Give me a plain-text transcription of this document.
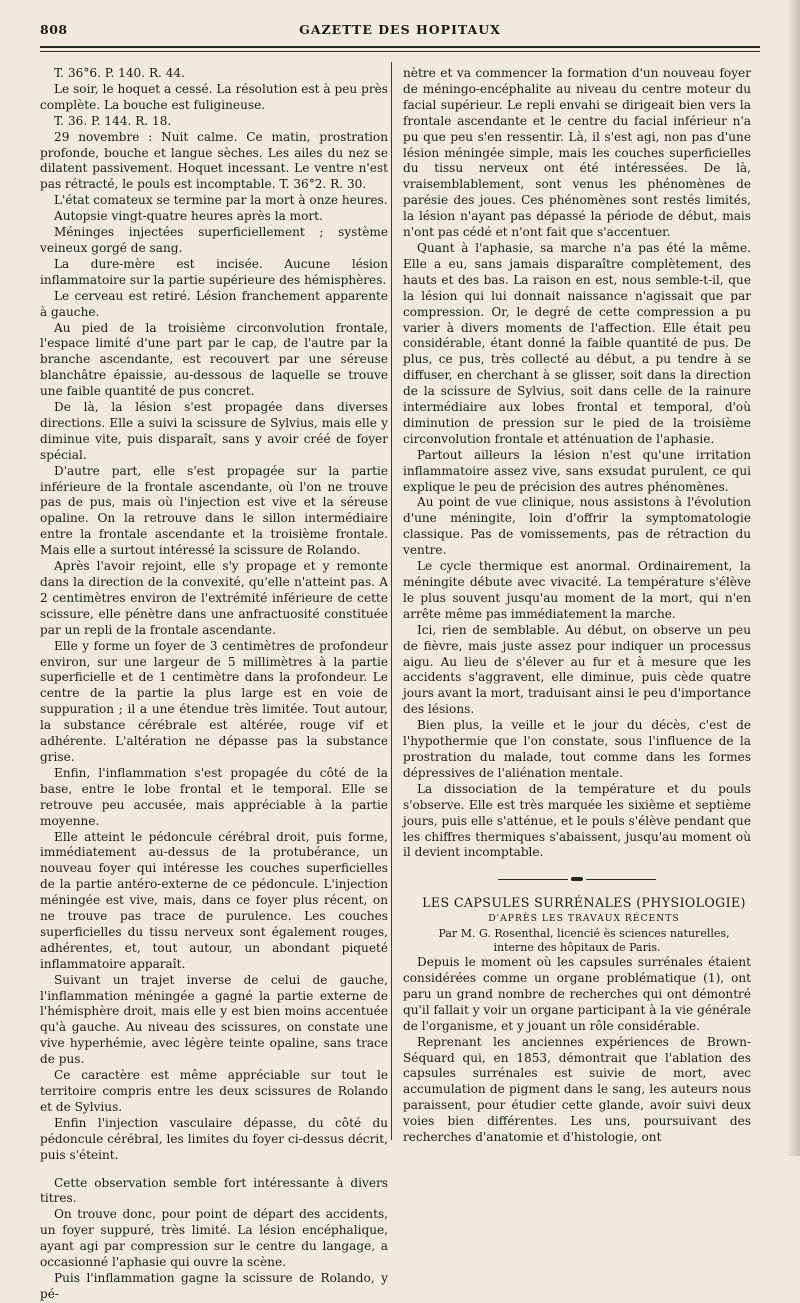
808	GAZETTE DES HOPITAUX

T. 36°6. P. 140. R. 44.

Le soir, le hoquet a cessé. La résolution est à peu près complète. La bouche est fuligineuse.

T. 36. P. 144. R. 18.

29 novembre : Nuit calme. Ce matin, prostration profonde, bouche et langue sèches. Les ailes du nez se dilatent passivement. Hoquet incessant. Le ventre n'est pas rétracté, le pouls est incomptable. T. 36°2. R. 30.

L'état comateux se termine par la mort à onze heures.

Autopsie vingt-quatre heures après la mort.

Méninges injectées superficiellement ; système veineux gorgé de sang.

La dure-mère est incisée. Aucune lésion inflammatoire sur la partie supérieure des hémisphères.

Le cerveau est retiré. Lésion franchement apparente à gauche.

Au pied de la troisième circonvolution frontale, l'espace limité d'une part par le cap, de l'autre par la branche ascendante, est recouvert par une séreuse blanchâtre épaissie, au-dessous de laquelle se trouve une faible quantité de pus concret.

De là, la lésion s'est propagée dans diverses directions. Elle a suivi la scissure de Sylvius, mais elle y diminue vite, puis disparaît, sans y avoir créé de foyer spécial.

D'autre part, elle s'est propagée sur la partie inférieure de la frontale ascendante, où l'on ne trouve pas de pus, mais où l'injection est vive et la séreuse opaline. On la retrouve dans le sillon intermédiaire entre la frontale ascendante et la troisième frontale. Mais elle a surtout intéressé la scissure de Rolando.

Après l'avoir rejoint, elle s'y propage et y remonte dans la direction de la convexité, qu'elle n'atteint pas. A 2 centimètres environ de l'extrémité inférieure de cette scissure, elle pénètre dans une anfractuosité constituée par un repli de la frontale ascendante.

Elle y forme un foyer de 3 centimètres de profondeur environ, sur une largeur de 5 millimètres à la partie superficielle et de 1 centimètre dans la profondeur. Le centre de la partie la plus large est en voie de suppuration ; il a une étendue très limitée. Tout autour, la substance cérébrale est altérée, rouge vif et adhérente. L'altération ne dépasse pas la substance grise.

Enfin, l'inflammation s'est propagée du côté de la base, entre le lobe frontal et le temporal. Elle se retrouve peu accusée, mais appréciable à la partie moyenne.

Elle atteint le pédoncule cérébral droit, puis forme, immédiatement au-dessus de la protubérance, un nouveau foyer qui intéresse les couches superficielles de la partie antéro-externe de ce pédoncule. L'injection méningée est vive, mais, dans ce foyer plus récent, on ne trouve pas trace de purulence. Les couches superficielles du tissu nerveux sont également rouges, adhérentes, et, tout autour, un abondant piqueté inflammatoire apparaît.

Suivant un trajet inverse de celui de gauche, l'inflammation méningée a gagné la partie externe de l'hémisphère droit, mais elle y est bien moins accentuée qu'à gauche. Au niveau des scissures, on constate une vive hyperhémie, avec légère teinte opaline, sans trace de pus.

Ce caractère est même appréciable sur tout le territoire compris entre les deux scissures de Rolando et de Sylvius.

Enfin l'injection vasculaire dépasse, du côté du pédoncule cérébral, les limites du foyer ci-dessus décrit, puis s'éteint.

Cette observation semble fort intéressante à divers titres.

On trouve donc, pour point de départ des accidents, un foyer suppuré, très limité. La lésion encéphalique, ayant agi par compression sur le centre du langage, a occasionné l'aphasie qui ouvre la scène.

Puis l'inflammation gagne la scissure de Rolando, y pé-

nètre et va commencer la formation d'un nouveau foyer de méningo-encéphalite au niveau du centre moteur du facial supérieur. Le repli envahi se dirigeait bien vers la frontale ascendante et le centre du facial inférieur n'a pu que peu s'en ressentir. Là, il s'est agi, non pas d'une lésion méningée simple, mais les couches superficielles du tissu nerveux ont été intéressées. De là, vraisemblablement, sont venus les phénomènes de parésie des joues. Ces phénomènes sont restés limités, la lésion n'ayant pas dépassé la période de début, mais n'ont pas cédé et n'ont fait que s'accentuer.

Quant à l'aphasie, sa marche n'a pas été la même. Elle a eu, sans jamais disparaître complètement, des hauts et des bas. La raison en est, nous semble-t-il, que la lésion qui lui donnait naissance n'agissait que par compression. Or, le degré de cette compression a pu varier à divers moments de l'affection. Elle était peu considérable, étant donné la faible quantité de pus. De plus, ce pus, très collecté au début, a pu tendre à se diffuser, en cherchant à se glisser, soit dans la direction de la scissure de Sylvius, soit dans celle de la rainure intermédiaire aux lobes frontal et temporal, d'où diminution de pression sur le pied de la troisième circonvolution frontale et atténuation de l'aphasie.

Partout ailleurs la lésion n'est qu'une irritation inflammatoire assez vive, sans exsudat purulent, ce qui explique le peu de précision des autres phénomènes.

Au point de vue clinique, nous assistons à l'évolution d'une méningite, loin d'offrir la symptomatologie classique. Pas de vomissements, pas de rétraction du ventre.

Le cycle thermique est anormal. Ordinairement, la méningite débute avec vivacité. La température s'élève le plus souvent jusqu'au moment de la mort, qui n'en arrête même pas immédiatement la marche.

Ici, rien de semblable. Au début, on observe un peu de fièvre, mais juste assez pour indiquer un processus aigu. Au lieu de s'élever au fur et à mesure que les accidents s'aggravent, elle diminue, puis cède quatre jours avant la mort, traduisant ainsi le peu d'importance des lésions.

Bien plus, la veille et le jour du décès, c'est de l'hypothermie que l'on constate, sous l'influence de la prostration du malade, tout comme dans les formes dépressives de l'aliénation mentale.

La dissociation de la température et du pouls s'observe. Elle est très marquée les sixième et septième jours, puis elle s'atténue, et le pouls s'élève pendant que les chiffres thermiques s'abaissent, jusqu'au moment où il devient incomptable.

LES CAPSULES SURRÉNALES (PHYSIOLOGIE)

D'APRÈS LES TRAVAUX RÉCENTS

Par M. G. Rosenthal, licencié ès sciences naturelles, interne des hôpitaux de Paris.

Depuis le moment où les capsules surrénales étaient considérées comme un organe problématique (1), ont paru un grand nombre de recherches qui ont démontré qu'il fallait y voir un organe participant à la vie générale de l'organisme, et y jouant un rôle considérable.

Reprenant les anciennes expériences de Brown-Séquard qui, en 1853, démontrait que l'ablation des capsules surrénales est suivie de mort, avec accumulation de pigment dans le sang, les auteurs nous paraissent, pour étudier cette glande, avoir suivi deux voies bien différentes. Les uns, poursuivant des recherches d'anatomie et d'histologie, ont
